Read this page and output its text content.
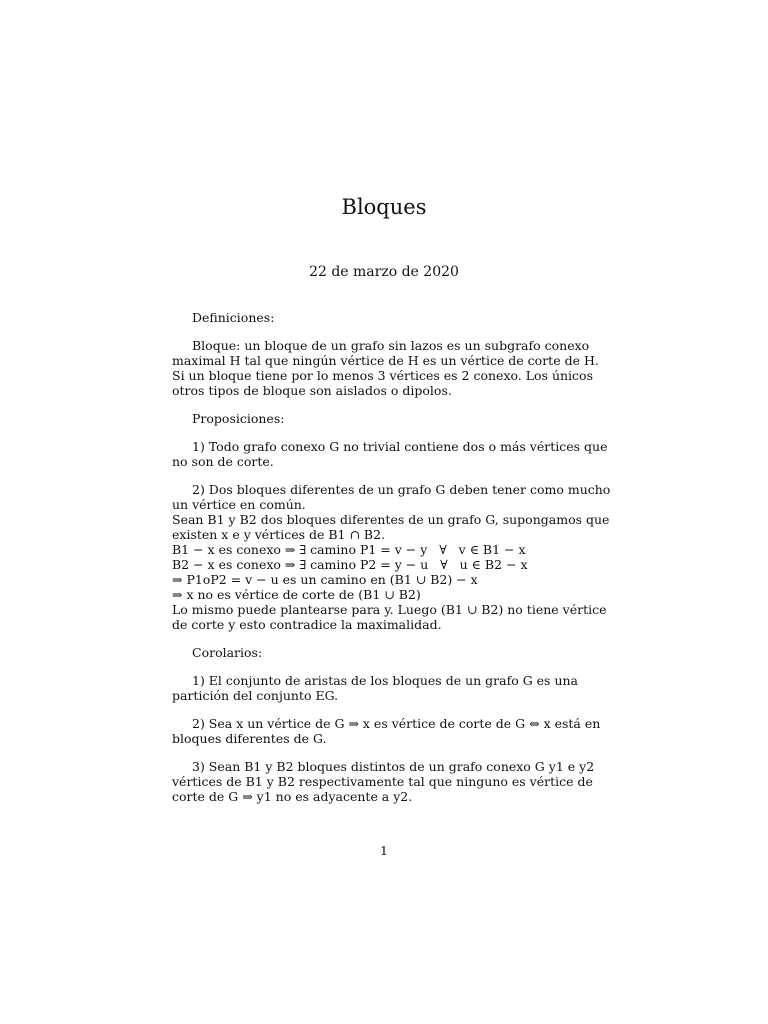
Bloques
22 de marzo de 2020

Definiciones:

Bloque: un bloque de un grafo sin lazos es un subgrafo conexo maximal H tal que ningún vértice de H es un vértice de corte de H.

Si un bloque tiene por lo menos 3 vértices es 2 conexo. Los únicos otros tipos de bloque son aislados o dipolos.

Proposiciones:

1) Todo grafo conexo G no trivial contiene dos o más vértices que no son de corte.

2) Dos bloques diferentes de un grafo G deben tener como mucho un vértice en común.

Sean B1 y B2 dos bloques diferentes de un grafo G, supongamos que existen x e y vértices de B1 ∩ B2.

B1 − x es conexo ⇒ ∃ camino P1 = v − y   ∀   v ∈ B1 − x

B2 − x es conexo ⇒ ∃ camino P2 = y − u   ∀   u ∈ B2 − x

⇒ P1oP2 = v − u es un camino en (B1 ∪ B2) − x

⇒ x no es vértice de corte de (B1 ∪ B2)

Lo mismo puede plantearse para y. Luego (B1 ∪ B2) no tiene vértice de corte y esto contradice la maximalidad.

Corolarios:

1) El conjunto de aristas de los bloques de un grafo G es una partición del conjunto EG.

2) Sea x un vértice de G ⇒ x es vértice de corte de G ⇔ x está en bloques diferentes de G.

3) Sean B1 y B2 bloques distintos de un grafo conexo G y1 e y2 vértices de B1 y B2 respectivamente tal que ninguno es vértice de corte de G ⇒ y1 no es adyacente a y2.

1
